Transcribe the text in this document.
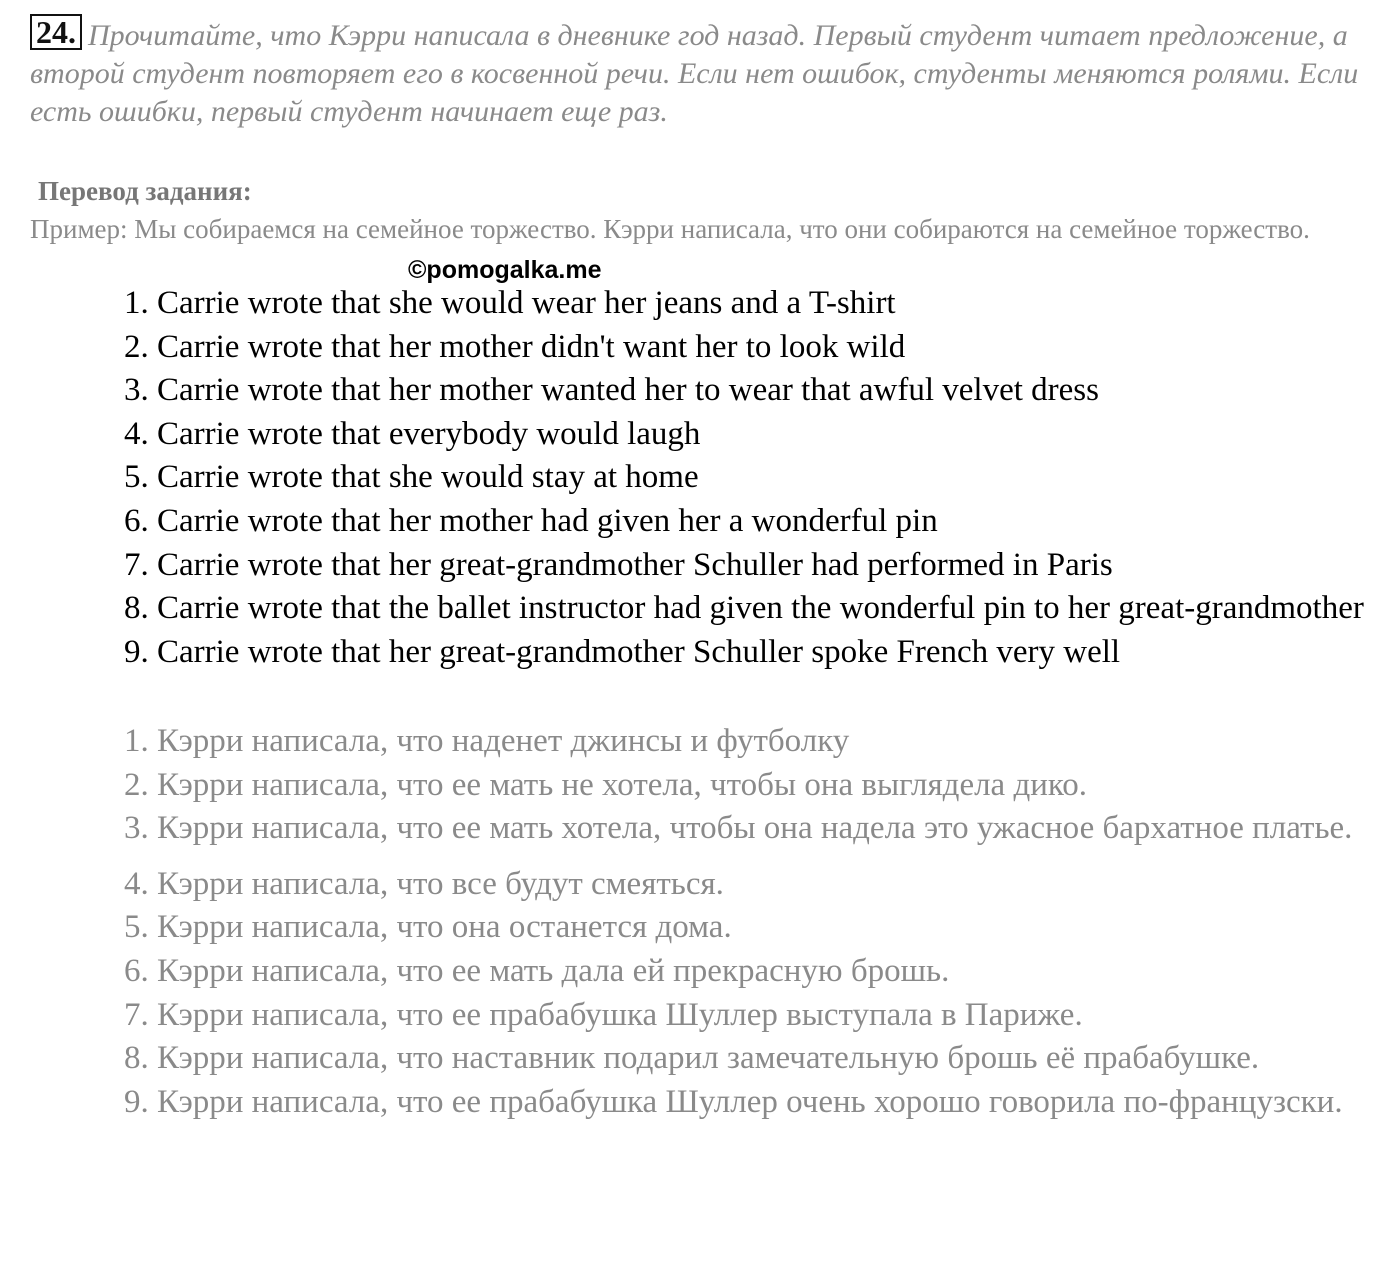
24. Прочитайте, что Кэрри написала в дневнике год назад. Первый студент читает предложение, а второй студент повторяет его в косвенной речи. Если нет ошибок, студенты меняются ролями. Если есть ошибки, первый студент начинает еще раз.
Перевод задания:
Пример: Мы собираемся на семейное торжество. Кэрри написала, что они собираются на семейное торжество.
©pomogalka.me
1. Carrie wrote that she would wear her jeans and a T-shirt
2. Carrie wrote that her mother didn't want her to look wild
3. Carrie wrote that her mother wanted her to wear that awful velvet dress
4. Carrie wrote that everybody would laugh
5. Carrie wrote that she would stay at home
6. Carrie wrote that her mother had given her a wonderful pin
7. Carrie wrote that her great-grandmother Schuller had performed in Paris
8. Carrie wrote that the ballet instructor had given the wonderful pin to her great-grandmother
9. Carrie wrote that her great-grandmother Schuller spoke French very well
1. Кэрри написала, что наденет джинсы и футболку
2. Кэрри написала, что ее мать не хотела, чтобы она выглядела дико.
3. Кэрри написала, что ее мать хотела, чтобы она надела это ужасное бархатное платье.
4. Кэрри написала, что все будут смеяться.
5. Кэрри написала, что она останется дома.
6. Кэрри написала, что ее мать дала ей прекрасную брошь.
7. Кэрри написала, что ее прабабушка Шуллер выступала в Париже.
8. Кэрри написала, что наставник подарил замечательную брошь её прабабушке.
9. Кэрри написала, что ее прабабушка Шуллер очень хорошо говорила по-французски.
